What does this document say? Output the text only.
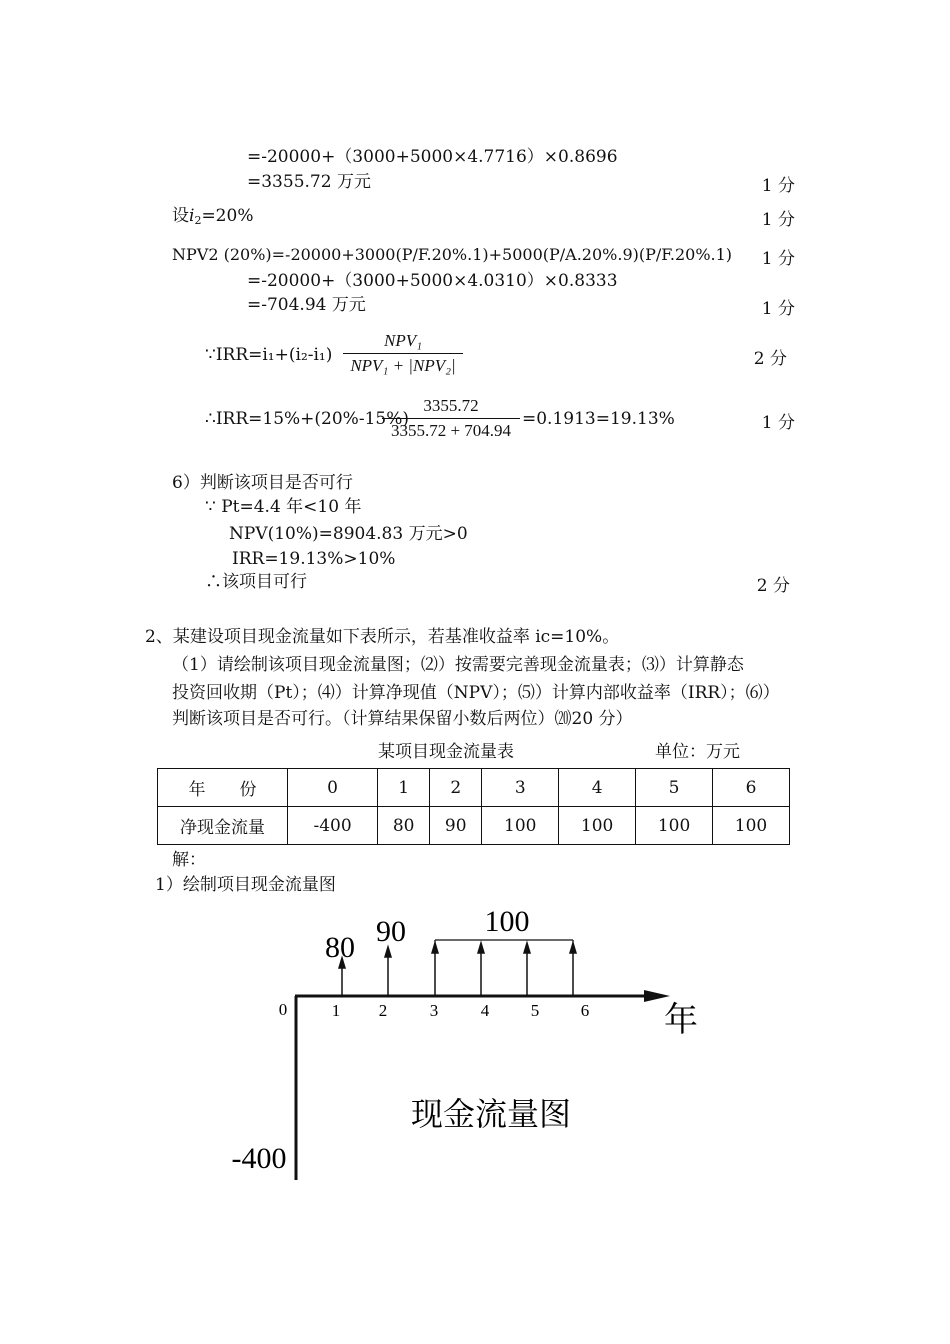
=-20000+（3000+5000×4.7716）×0.8696
=3355.72 万元	1 分
设$i_2=20\%$	1 分
NPV2 (20%)=-20000+3000(P/F.20%.1)+5000(P/A.20%.9)(P/F.20%.1) 1 分
=-20000+（3000+5000×4.0310）×0.8333
=-704.94 万元	1 分
∵IRR=i₁+(i₂-i₁)
NPV₁
NPV₁ + |NPV₂|	2 分
∴IRR=15%+(20%-15%)
$\frac{3355.72}{3355.72 + 704.94} =0.1913=19.13\%$	1 分
6）判断该项目是否可行
∵ Pt=4.4 年<10 年
NPV(10%)=8904.83 万元>0
IRR=19.13%>10%
∴该项目可行	2 分
2、某建设项目现金流量如下表所示，若基准收益率 ic=10%。
（1）请绘制该项目现金流量图；⑵）按需要完善现金流量表；⑶）计算静态
投资回收期（Pt）；⑷）计算净现值（NPV）；⑸）计算内部收益率（IRR）；⑹）
判断该项目是否可行。（计算结果保留小数后两位）⒇20 分）
某项目现金流量表	单位：万元
年　　份	0	1	2	3	4	5	6
净现金流量	-400	80	90	100	100	100	100
解：
1）绘制项目现金流量图
80 90	100
0	1 2	3	4 5 6 年
现金流量图
-400
